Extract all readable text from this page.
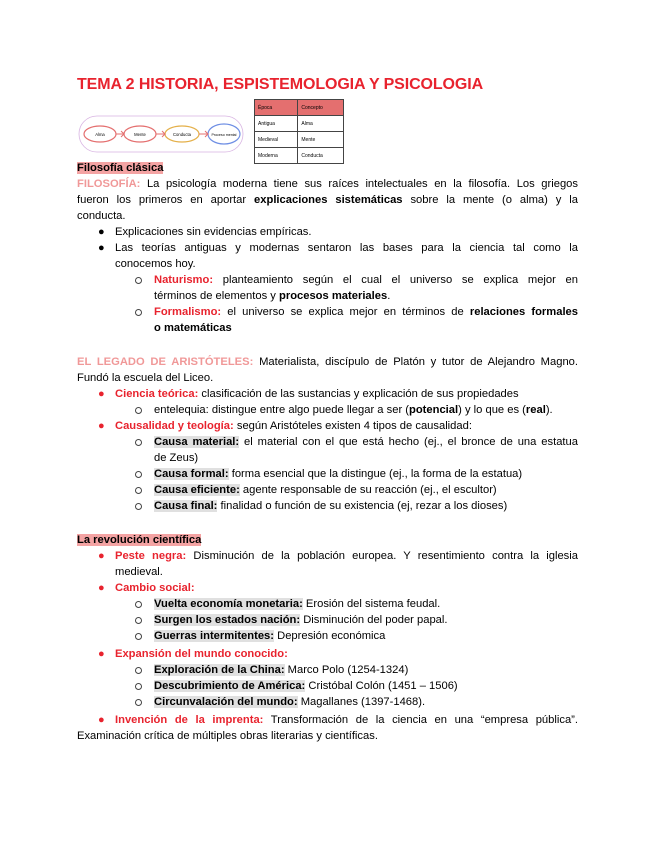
TEMA 2 HISTORIA, ESPISTEMOLOGIA Y PSICOLOGIA
Alma	Mente	Conducta	Proceso mental
Época	Concepto
Antigua	Alma
Medieval	Mente
Moderna	Conducta
Filosofía clásica
FILOSOFÍA: La psicología moderna tiene sus raíces intelectuales en la filosofía. Los griegos
fueron los primeros en aportar explicaciones sistemáticas sobre la mente (o alma) y la
conducta.
● Explicaciones sin evidencias empíricas.
● Las teorías antiguas y modernas sentaron las bases para la ciencia tal como la
conocemos hoy.
Naturismo: planteamiento según el cual el universo se explica mejor en
términos de elementos y procesos materiales.
Formalismo: el universo se explica mejor en términos de relaciones formales
o matemáticas
EL LEGADO DE ARISTÓTELES: Materialista, discípulo de Platón y tutor de Alejandro Magno.
Fundó la escuela del Liceo.
● Ciencia teórica: clasificación de las sustancias y explicación de sus propiedades
entelequia: distingue entre algo puede llegar a ser (potencial) y lo que es (real).
● Causalidad y teología: según Aristóteles existen 4 tipos de causalidad:
Causa material: el material con el que está hecho (ej., el bronce de una estatua
de Zeus)
Causa formal: forma esencial que la distingue (ej., la forma de la estatua)
Causa eficiente: agente responsable de su reacción (ej., el escultor)
Causa final: finalidad o función de su existencia (ej, rezar a los dioses)
La revolución científica
● Peste negra: Disminución de la población europea. Y resentimiento contra la iglesia
medieval.
● Cambio social:
Vuelta economía monetaria: Erosión del sistema feudal.
Surgen los estados nación: Disminución del poder papal.
Guerras intermitentes: Depresión económica
● Expansión del mundo conocido:
Exploración de la China: Marco Polo (1254-1324)
Descubrimiento de América: Cristóbal Colón (1451 – 1506)
Circunvalación del mundo: Magallanes (1397-1468).
● Invención de la imprenta: Transformación de la ciencia en una “empresa pública”.
Examinación crítica de múltiples obras literarias y científicas.
